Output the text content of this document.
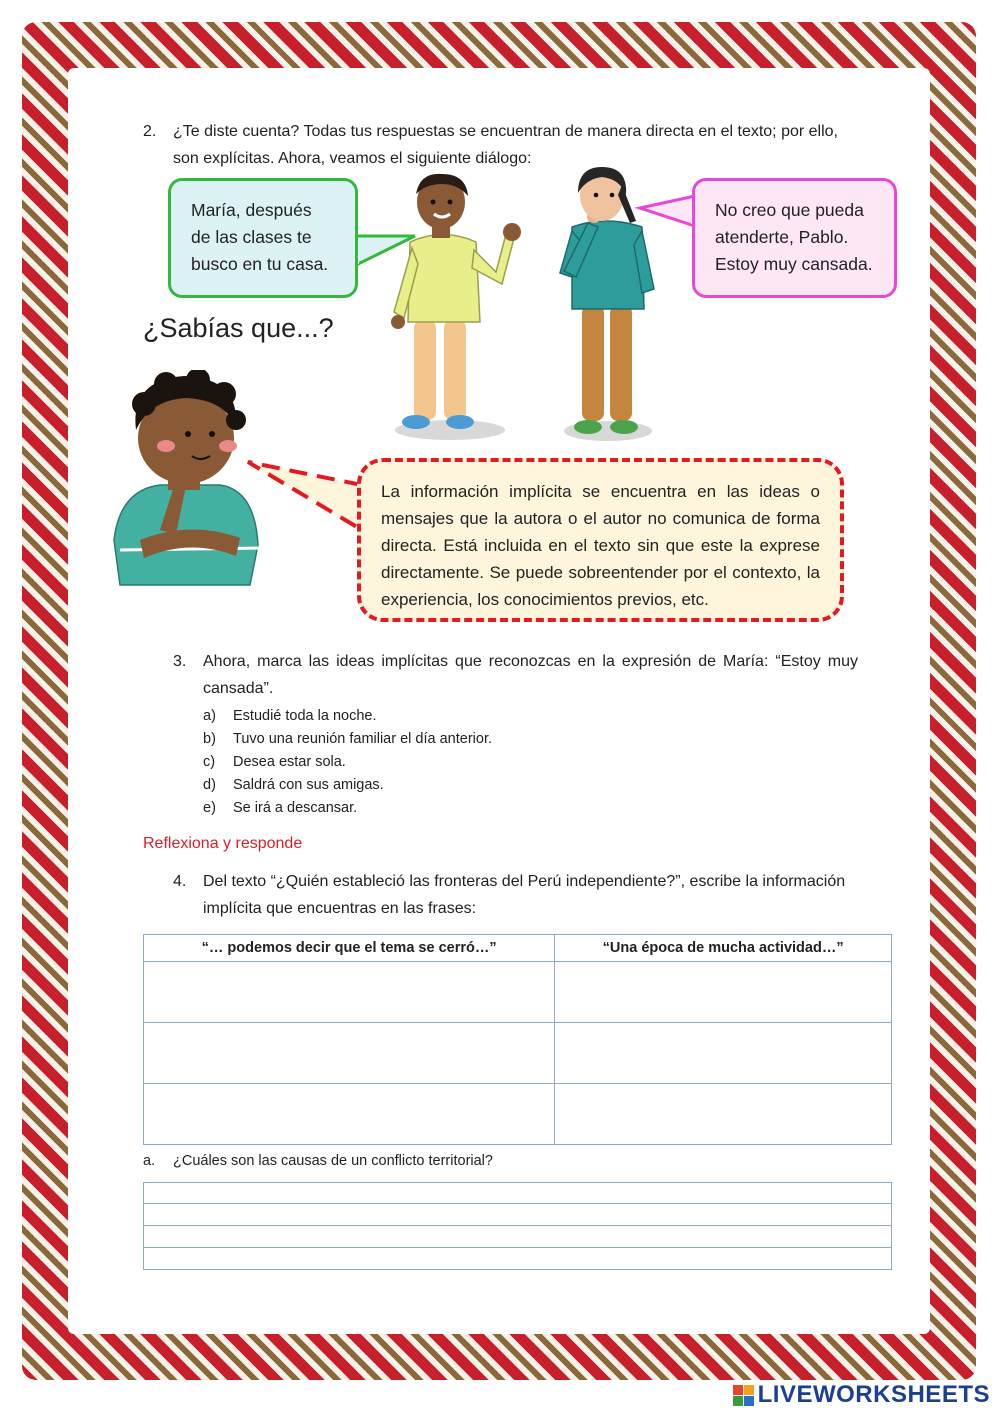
2. ¿Te diste cuenta? Todas tus respuestas se encuentran de manera directa en el texto; por ello,
son explícitas. Ahora, veamos el siguiente diálogo:
María, después
de las clases te
busco en tu casa.
No creo que pueda
atenderte, Pablo.
Estoy muy cansada.
¿Sabías que...?
La información implícita se encuentra en las ideas o mensajes que la autora o el autor no comunica de forma directa. Está incluida en el texto sin que este la exprese directamente. Se puede sobreentender por el contexto, la experiencia, los conocimientos previos, etc.
3. Ahora, marca las ideas implícitas que reconozcas en la expresión de María: “Estoy muy
cansada”.
a) Estudié toda la noche.
b) Tuvo una reunión familiar el día anterior.
c) Desea estar sola.
d) Saldrá con sus amigas.
e) Se irá a descansar.
Reflexiona y responde
4. Del texto “¿Quién estableció las fronteras del Perú independiente?”, escribe la información
implícita que encuentras en las frases:
“… podemos decir que el tema se cerró…”	“Una época de mucha actividad…”

a. ¿Cuáles son las causas de un conflicto territorial?
LIVEWORKSHEETS
